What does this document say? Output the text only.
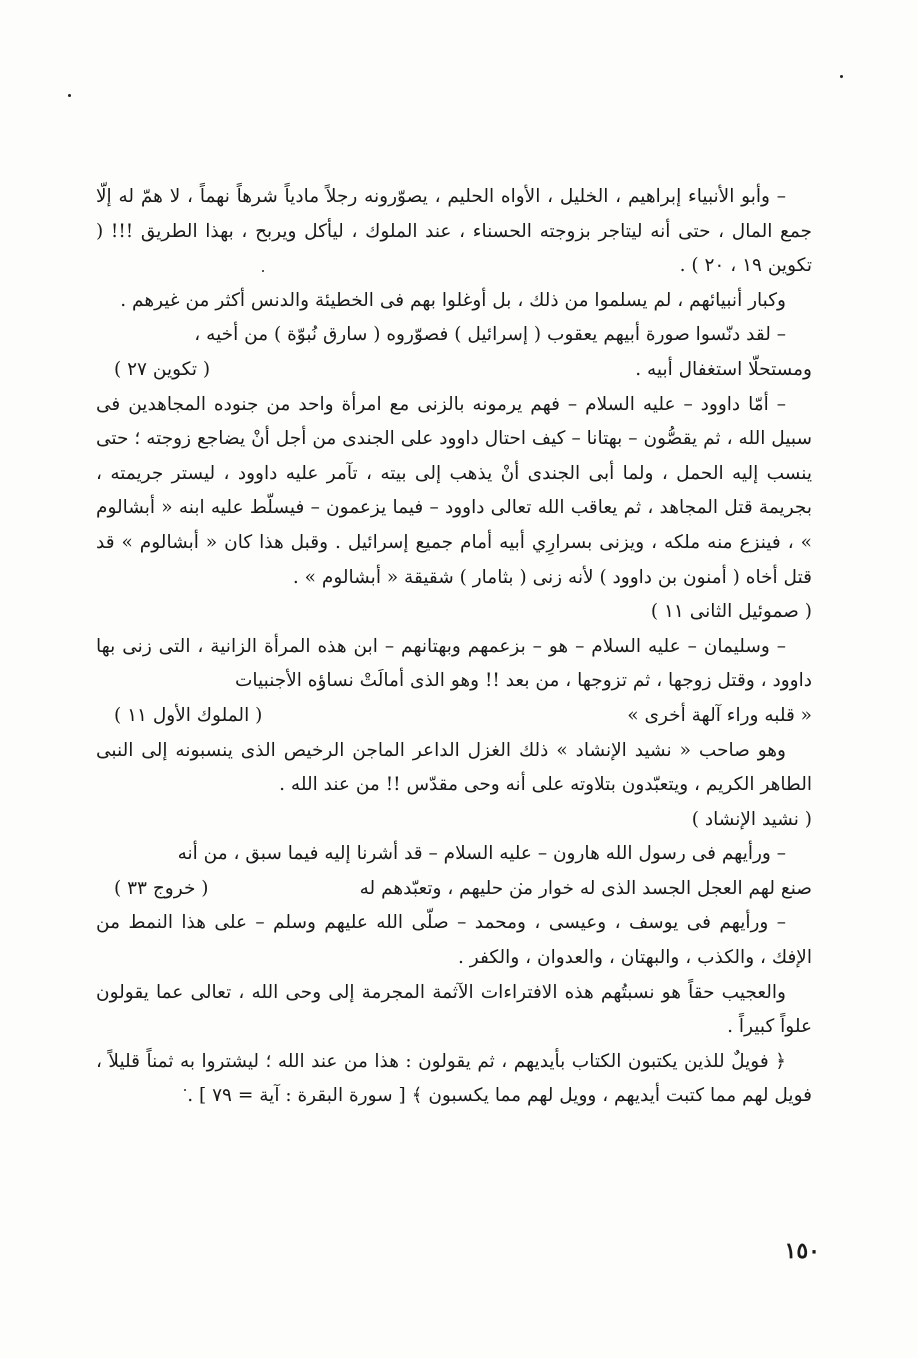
– وأبو الأنبياء إبراهيم ، الخليل ، الأواه الحليم ، يصوّرونه رجلاً مادياً شرهاً نهماً ، لا همّ له إلّا جمع المال ، حتى أنه ليتاجر بزوجته الحسناء ، عند الملوك ، ليأكل ويربح ، بهذا الطريق !!! ( تكوين ١٩ ، ٢٠ ) .

وكبار أنبيائهم ، لم يسلموا من ذلك ، بل أوغلوا بهم فى الخطيئة والدنس أكثر من غيرهم .

– لقد دنّسوا صورة أبيهم يعقوب ( إسرائيل ) فصوّروه ( سارق نُبوّة ) من أخيه ،

ومستحلّا استغفال أبيه .
( تكوين ٢٧ )

– أمّا داوود – عليه السلام – فهم يرمونه بالزنى مع امرأة واحد من جنوده المجاهدين فى سبيل الله ، ثم يقصُّون – بهتانا – كيف احتال داوود على الجندى من أجل أنْ يضاجع زوجته ؛ حتى ينسب إليه الحمل ، ولما أبى الجندى أنْ يذهب إلى بيته ، تآمر عليه داوود ، ليستر جريمته ، بجريمة قتل المجاهد ، ثم يعاقب الله تعالى داوود – فيما يزعمون – فيسلّط عليه ابنه « أبشالوم » ، فينزع منه ملكه ، ويزنى بسرارِي أبيه أمام جميع إسرائيل . وقبل هذا كان « أبشالوم » قد قتل أخاه ( أمنون بن داوود ) لأنه زنى ( بثامار ) شقيقة « أبشالوم » .

( صموئيل الثانى ١١ )

– وسليمان – عليه السلام – هو – بزعمهم وبهتانهم – ابن هذه المرأة الزانية ، التى زنى بها داوود ، وقتل زوجها ، ثم تزوجها ، من بعد !! وهو الذى أمالَتْ نساؤه الأجنبيات

« قلبه وراء آلهة أخرى »
( الملوك الأول ١١ )

وهو صاحب « نشيد الإنشاد » ذلك الغزل الداعر الماجن الرخيص الذى ينسبونه إلى النبى الطاهر الكريم ، ويتعبّدون بتلاوته على أنه وحى مقدّس !! من عند الله .

( نشيد الإنشاد )

– ورأيهم فى رسول الله هارون – عليه السلام – قد أشرنا إليه فيما سبق ، من أنه

صنع لهم العجل الجسد الذى له خوار من حليهم ، وتعبّدهم له
( خروج ٣٣ )

– ورأيهم فى يوسف ، وعيسى ، ومحمد – صلّى الله عليهم وسلم – على هذا النمط من الإفك ، والكذب ، والبهتان ، والعدوان ، والكفر .

والعجيب حقاً هو نسبتُهم هذه الافتراءات الآثمة المجرمة إلى وحى الله ، تعالى عما يقولون علواً كبيراً .

﴿ فويلٌ للذين يكتبون الكتاب بأيديهم ، ثم يقولون : هذا من عند الله ؛ ليشتروا به ثمناً قليلاً ، فويل لهم مما كتبت أيديهم ، وويل لهم مما يكسبون ﴾ [ سورة البقرة : آية = ٧٩ ] .

١٥٠
